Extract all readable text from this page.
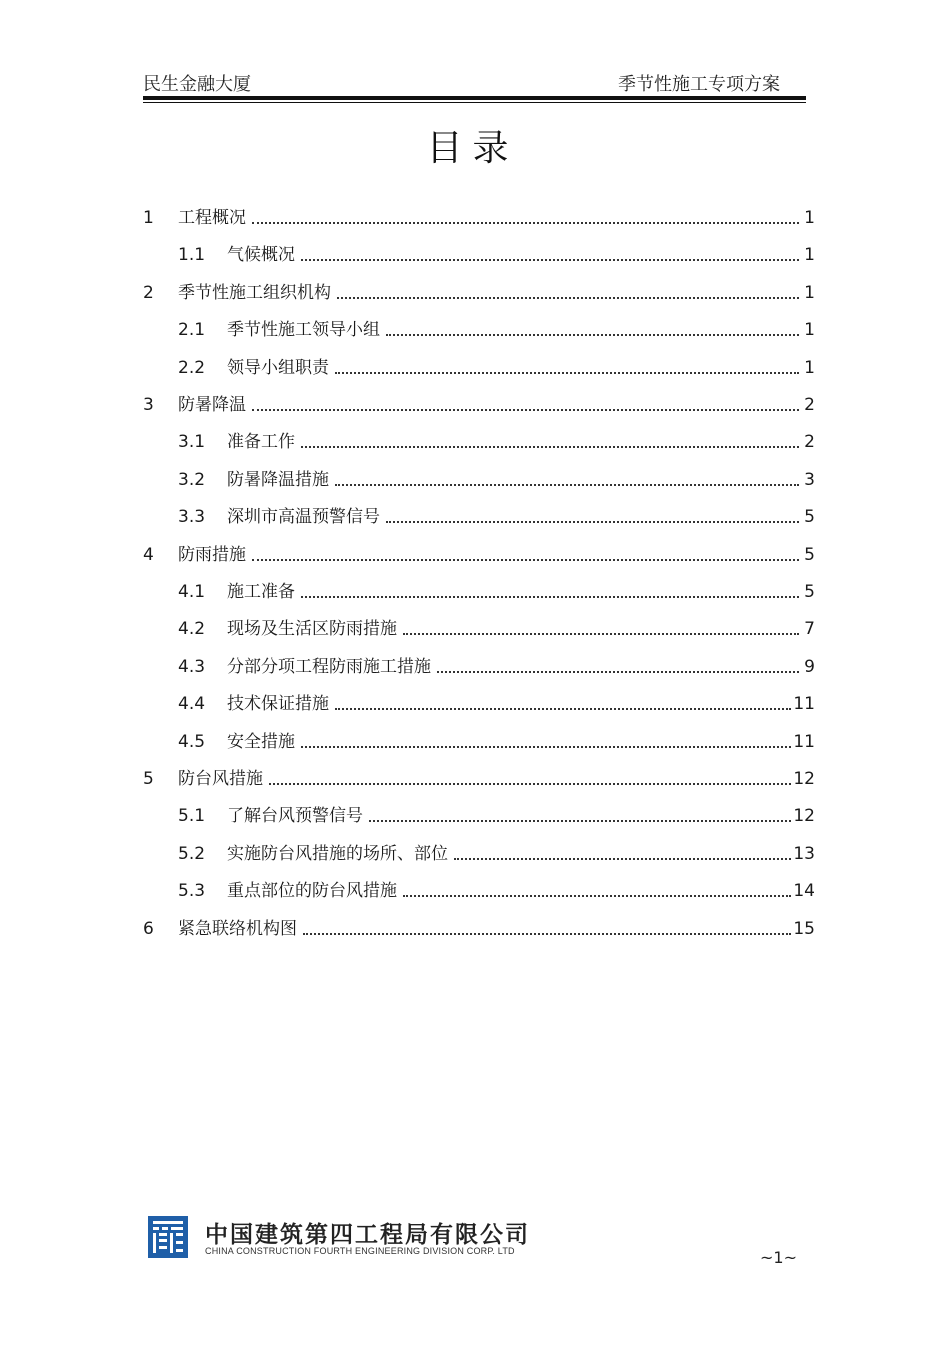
民生金融大厦	季节性施工专项方案
目录
1	工程概况	1
1.1	气候概况	1
2	季节性施工组织机构	1
2.1	季节性施工领导小组	1
2.2	领导小组职责	1
3	防暑降温	2
3.1	准备工作	2
3.2	防暑降温措施	3
3.3	深圳市高温预警信号	5
4	防雨措施	5
4.1	施工准备	5
4.2	现场及生活区防雨措施	7
4.3	分部分项工程防雨施工措施	9
4.4	技术保证措施	11
4.5	安全措施	11
5	防台风措施	12
5.1	了解台风预警信号	12
5.2	实施防台风措施的场所、部位	13
5.3	重点部位的防台风措施	14
6	紧急联络机构图	15
中国建筑第四工程局有限公司
CHINA CONSTRUCTION FOURTH ENGINEERING DIVISION CORP. LTD	~1~
